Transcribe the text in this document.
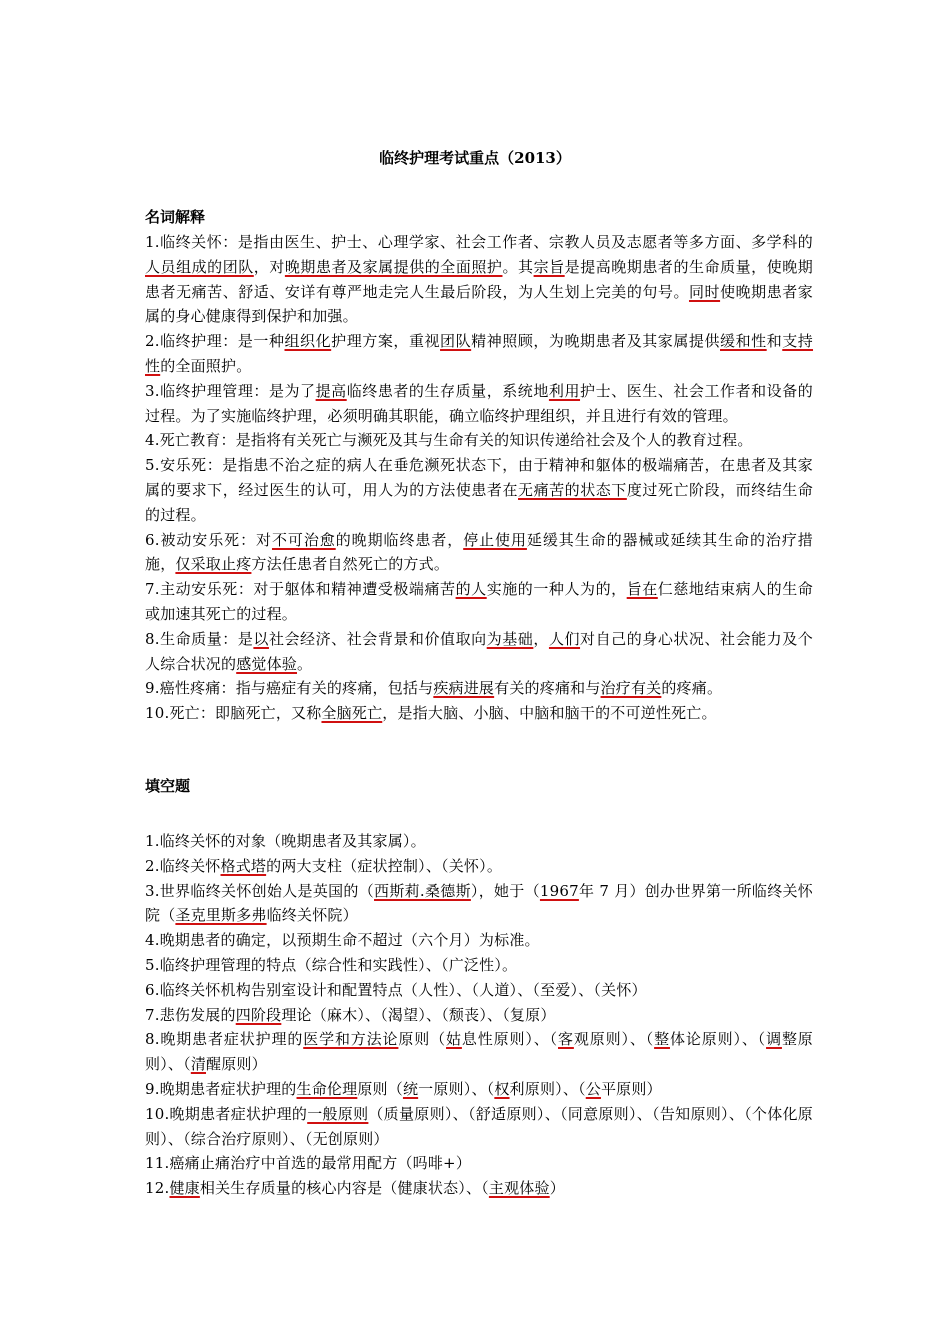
临终护理考试重点（2013）
名词解释

1.临终关怀：是指由医生、护士、心理学家、社会工作者、宗教人员及志愿者等多方面、多学科的人员组成的团队，对晚期患者及家属提供的全面照护。其宗旨是提高晚期患者的生命质量，使晚期患者无痛苦、舒适、安详有尊严地走完人生最后阶段，为人生划上完美的句号。同时使晚期患者家属的身心健康得到保护和加强。

2.临终护理：是一种组织化护理方案，重视团队精神照顾，为晚期患者及其家属提供缓和性和支持性的全面照护。

3.临终护理管理：是为了提高临终患者的生存质量，系统地利用护士、医生、社会工作者和设备的过程。为了实施临终护理，必须明确其职能，确立临终护理组织，并且进行有效的管理。

4.死亡教育：是指将有关死亡与濒死及其与生命有关的知识传递给社会及个人的教育过程。

5.安乐死：是指患不治之症的病人在垂危濒死状态下，由于精神和躯体的极端痛苦，在患者及其家属的要求下，经过医生的认可，用人为的方法使患者在无痛苦的状态下度过死亡阶段，而终结生命的过程。

6.被动安乐死：对不可治愈的晚期临终患者，停止使用延缓其生命的器械或延续其生命的治疗措施，仅采取止疼方法任患者自然死亡的方式。

7.主动安乐死：对于躯体和精神遭受极端痛苦的人实施的一种人为的，旨在仁慈地结束病人的生命或加速其死亡的过程。

8.生命质量：是以社会经济、社会背景和价值取向为基础，人们对自己的身心状况、社会能力及个人综合状况的感觉体验。

9.癌性疼痛：指与癌症有关的疼痛，包括与疾病进展有关的疼痛和与治疗有关的疼痛。

10.死亡：即脑死亡，又称全脑死亡，是指大脑、小脑、中脑和脑干的不可逆性死亡。

填空题

1.临终关怀的对象（晚期患者及其家属）。

2.临终关怀格式塔的两大支柱（症状控制）、（关怀）。

3.世界临终关怀创始人是英国的（西斯莉.桑德斯），她于（1967年 7 月）创办世界第一所临终关怀院（圣克里斯多弗临终关怀院）

4.晚期患者的确定，以预期生命不超过（六个月）为标准。

5.临终护理管理的特点（综合性和实践性）、（广泛性）。

6.临终关怀机构告别室设计和配置特点（人性）、（人道）、（至爱）、（关怀）

7.悲伤发展的四阶段理论（麻木）、（渴望）、（颓丧）、（复原）

8.晚期患者症状护理的医学和方法论原则（姑息性原则）、（客观原则）、（整体论原则）、（调整原则）、（清醒原则）

9.晚期患者症状护理的生命伦理原则（统一原则）、（权利原则）、（公平原则）

10.晚期患者症状护理的一般原则（质量原则）、（舒适原则）、（同意原则）、（告知原则）、（个体化原则）、（综合治疗原则）、（无创原则）

11.癌痛止痛治疗中首选的最常用配方（吗啡+）

12.健康相关生存质量的核心内容是（健康状态）、（主观体验）
